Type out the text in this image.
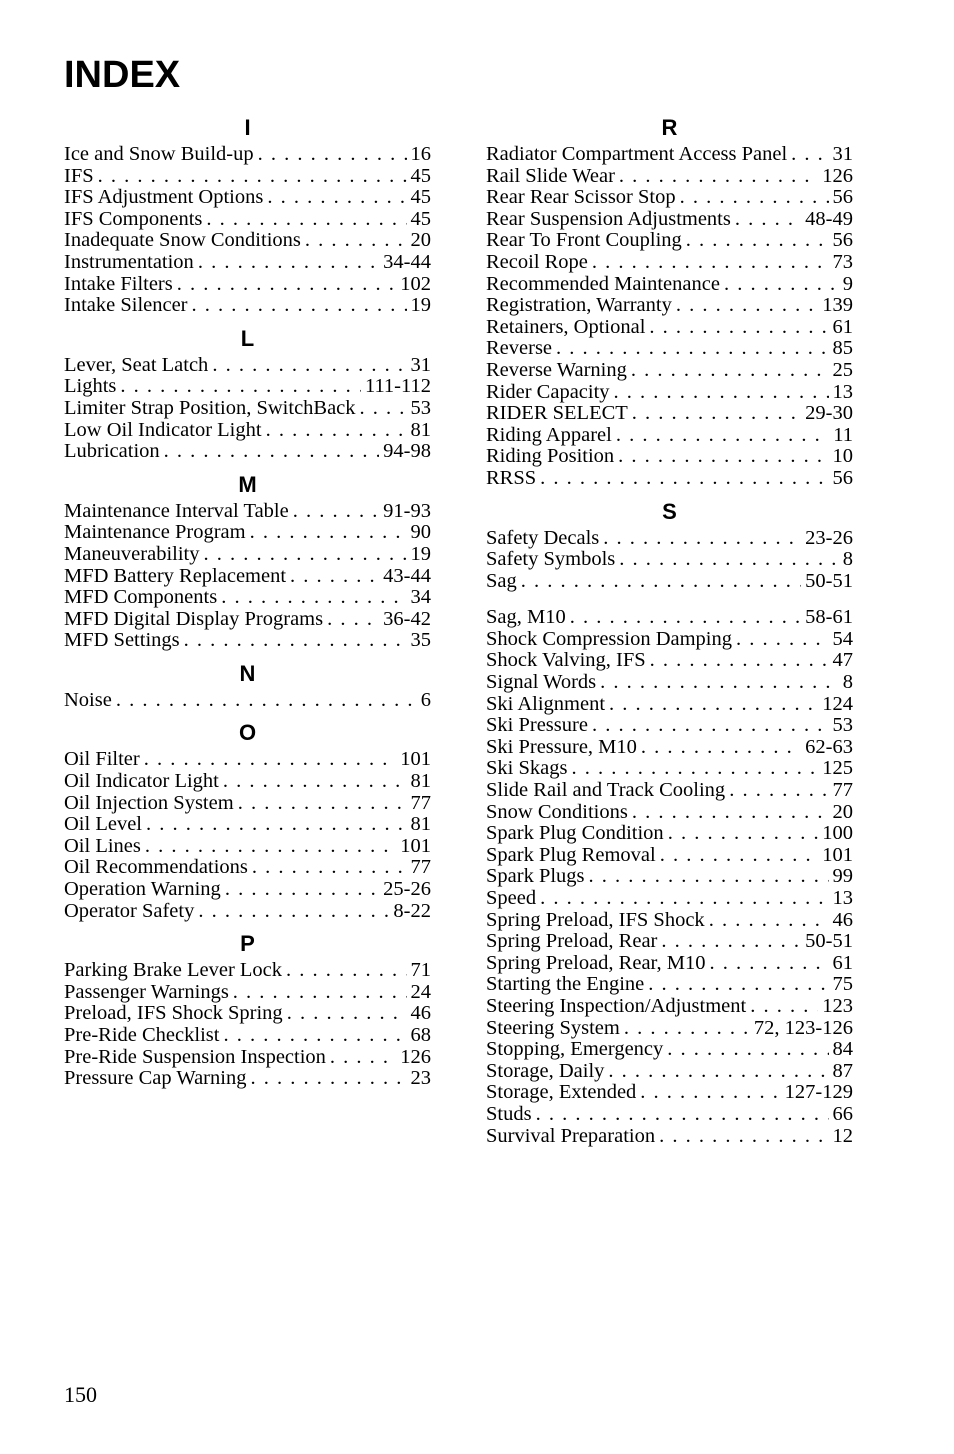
INDEX
I
Ice and Snow Build-up . . .	16
IFS . . .	45
IFS Adjustment Options . . .	45
IFS Components . . .	45
Inadequate Snow Conditions . . .	20
Instrumentation . . .	34-44
Intake Filters . . .	102
Intake Silencer . . .	19
L
Lever, Seat Latch . . .	31
Lights . . .	111-112
Limiter Strap Position, SwitchBack . . .	53
Low Oil Indicator Light . . .	81
Lubrication . . .	94-98
M
Maintenance Interval Table . . .	91-93
Maintenance Program . . .	90
Maneuverability . . .	19
MFD Battery Replacement . . .	43-44
MFD Components . . .	34
MFD Digital Display Programs . . .	36-42
MFD Settings . . .	35
N
Noise . . .	6
O
Oil Filter . . .	101
Oil Indicator Light . . .	81
Oil Injection System . . .	77
Oil Level . . .	81
Oil Lines . . .	101
Oil Recommendations . . .	77
Operation Warning . . .	25-26
Operator Safety . . .	8-22
P
Parking Brake Lever Lock . . .	71
Passenger Warnings . . .	24
Preload, IFS Shock Spring . . .	46
Pre-Ride Checklist . . .	68
Pre-Ride Suspension Inspection . . .	126
Pressure Cap Warning . . .	23
R
Radiator Compartment Access Panel . . . 31
Rail Slide Wear . . .	126
Rear Rear Scissor Stop . . .	56
Rear Suspension Adjustments . . .	48-49
Rear To Front Coupling . . .	56
Recoil Rope . . .	73
Recommended Maintenance . . .	9
Registration, Warranty . . .	139
Retainers, Optional . . .	61
Reverse . . .	85
Reverse Warning . . .	25
Rider Capacity . . .	13
RIDER SELECT . . .	29-30
Riding Apparel . . .	11
Riding Position . . .	10
RRSS . . .	56
S
Safety Decals . . .	23-26
Safety Symbols . . .	8
Sag . . .	50-51
Sag, M10 . . .	58-61
Shock Compression Damping . . .	54
Shock Valving, IFS . . .	47
Signal Words . . .	8
Ski Alignment . . .	124
Ski Pressure . . .	53
Ski Pressure, M10 . . .	62-63
Ski Skags . . .	125
Slide Rail and Track Cooling . . .	77
Snow Conditions . . .	20
Spark Plug Condition . . .	100
Spark Plug Removal . . .	101
Spark Plugs . . .	99
Speed . . .	13
Spring Preload, IFS Shock . . .	46
Spring Preload, Rear . . .	50-51
Spring Preload, Rear, M10 . . .	61
Starting the Engine . . .	75
Steering Inspection/Adjustment . . .	123
Steering System . . .	72, 123-126
Stopping, Emergency . . .	84
Storage, Daily . . .	87
Storage, Extended . . .	127-129
Studs . . .	66
Survival Preparation . . .	12
150
